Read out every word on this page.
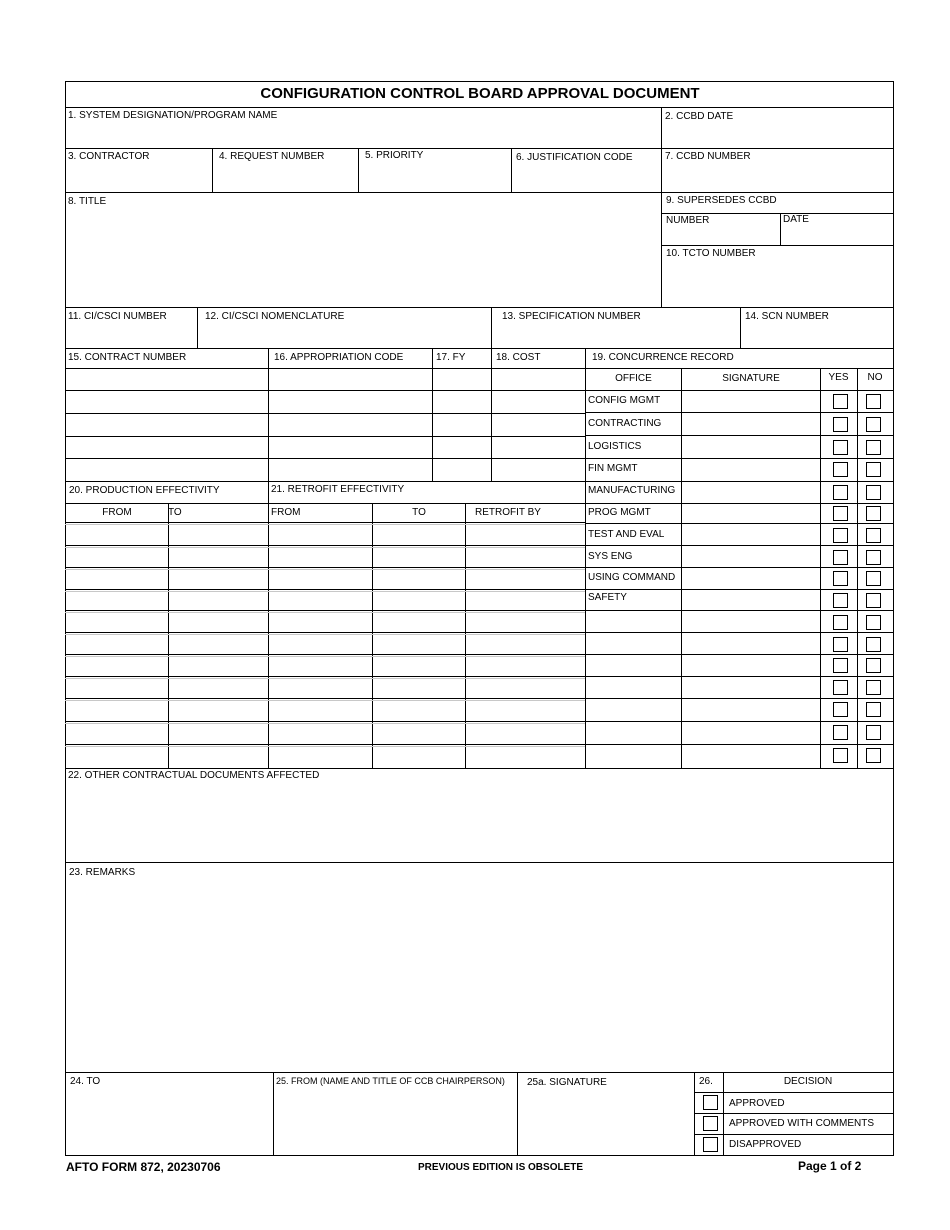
CONFIGURATION CONTROL BOARD APPROVAL DOCUMENT
1. SYSTEM DESIGNATION/PROGRAM NAME	2. CCBD DATE
3. CONTRACTOR	4. REQUEST NUMBER	5. PRIORITY	6. JUSTIFICATION CODE	7. CCBD NUMBER
8. TITLE	9. SUPERSEDES CCBD
NUMBER	DATE
10. TCTO NUMBER
11. CI/CSCI NUMBER	12. CI/CSCI NOMENCLATURE	13. SPECIFICATION NUMBER	14. SCN NUMBER
15. CONTRACT NUMBER	16. APPROPRIATION CODE	17. FY	18. COST	19. CONCURRENCE RECORD
20. PRODUCTION EFFECTIVITY	21. RETROFIT EFFECTIVITY
FROM	TO	FROM	TO	RETROFIT BY
OFFICE	SIGNATURE	YES	NO
CONFIG MGMT
CONTRACTING
LOGISTICS
FIN MGMT
MANUFACTURING
PROG MGMT
TEST AND EVAL
SYS ENG
USING COMMAND
SAFETY
22. OTHER CONTRACTUAL DOCUMENTS AFFECTED
23. REMARKS
24. TO	25. FROM (NAME AND TITLE OF CCB CHAIRPERSON) 25a. SIGNATURE	26.	DECISION
APPROVED
APPROVED WITH COMMENTS
DISAPPROVED
AFTO FORM 872, 20230706	PREVIOUS EDITION IS OBSOLETE	Page 1 of 2
